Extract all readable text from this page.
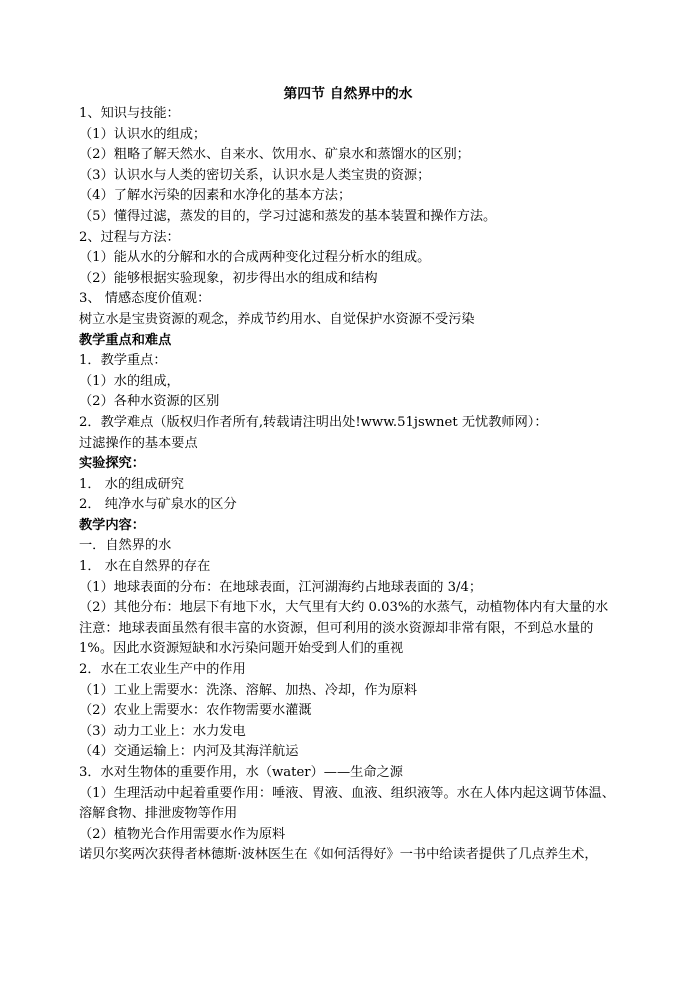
第四节 自然界中的水
1、知识与技能：
（1）认识水的组成；
（2）粗略了解天然水、自来水、饮用水、矿泉水和蒸馏水的区别；
（3）认识水与人类的密切关系，认识水是人类宝贵的资源；
（4）了解水污染的因素和水净化的基本方法；
（5）懂得过滤，蒸发的目的，学习过滤和蒸发的基本装置和操作方法。
2、过程与方法：
（1）能从水的分解和水的合成两种变化过程分析水的组成。
（2）能够根据实验现象，初步得出水的组成和结构
3、 情感态度价值观：
树立水是宝贵资源的观念，养成节约用水、自觉保护水资源不受污染
教学重点和难点
1．教学重点：
（1）水的组成，
（2）各种水资源的区别
2．教学难点（版权归作者所有,转载请注明出处!www.51jswnet 无忧教师网）：
过滤操作的基本要点
实验探究：
1． 水的组成研究
2． 纯净水与矿泉水的区分
教学内容：
一．自然界的水
1． 水在自然界的存在
（1）地球表面的分布：在地球表面，江河湖海约占地球表面的 3/4；
（2）其他分布：地层下有地下水，大气里有大约 0.03%的水蒸气，动植物体内有大量的水
注意：地球表面虽然有很丰富的水资源，但可利用的淡水资源却非常有限，不到总水量的 1%。因此水资源短缺和水污染问题开始受到人们的重视
2．水在工农业生产中的作用
（1）工业上需要水：洗涤、溶解、加热、冷却，作为原料
（2）农业上需要水：农作物需要水灌溉
（3）动力工业上：水力发电
（4）交通运输上：内河及其海洋航运
3．水对生物体的重要作用，水（water）——生命之源
（1）生理活动中起着重要作用：唾液、胃液、血液、组织液等。水在人体内起这调节体温、溶解食物、排泄废物等作用
（2）植物光合作用需要水作为原料
诺贝尔奖两次获得者林德斯·波林医生在《如何活得好》一书中给读者提供了几点养生术，
